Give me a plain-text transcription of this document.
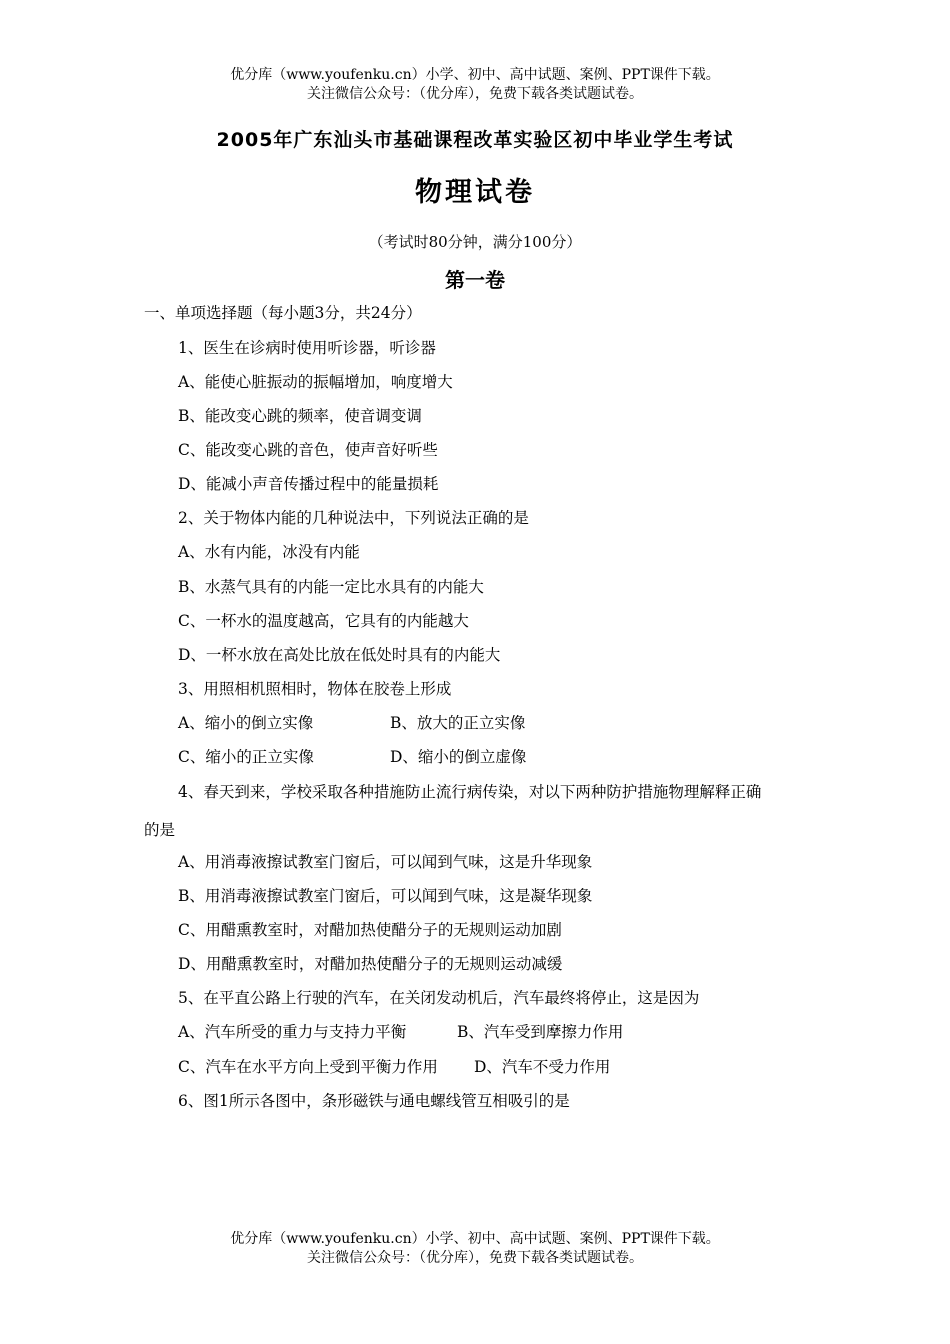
优分库（www.youfenku.cn）小学、初中、高中试题、案例、PPT课件下载。
关注微信公众号：（优分库），免费下载各类试题试卷。
2005年广东汕头市基础课程改革实验区初中毕业学生考试
物理试卷
（考试时80分钟，满分100分）
第一卷
一、单项选择题（每小题3分，共24分）
1、医生在诊病时使用听诊器，听诊器
A、能使心脏振动的振幅增加，响度增大
B、能改变心跳的频率，使音调变调
C、能改变心跳的音色，使声音好听些
D、能减小声音传播过程中的能量损耗
2、关于物体内能的几种说法中，下列说法正确的是
A、水有内能，冰没有内能
B、水蒸气具有的内能一定比水具有的内能大
C、一杯水的温度越高，它具有的内能越大
D、一杯水放在高处比放在低处时具有的内能大
3、用照相机照相时，物体在胶卷上形成
A、缩小的倒立实像	B、放大的正立实像
C、缩小的正立实像	D、缩小的倒立虚像
4、春天到来，学校采取各种措施防止流行病传染，对以下两种防护措施物理解释正确
的是
A、用消毒液擦试教室门窗后，可以闻到气味，这是升华现象
B、用消毒液擦试教室门窗后，可以闻到气味，这是凝华现象
C、用醋熏教室时，对醋加热使醋分子的无规则运动加剧
D、用醋熏教室时，对醋加热使醋分子的无规则运动减缓
5、在平直公路上行驶的汽车，在关闭发动机后，汽车最终将停止，这是因为
A、汽车所受的重力与支持力平衡	B、汽车受到摩擦力作用
C、汽车在水平方向上受到平衡力作用 D、汽车不受力作用
6、图1所示各图中，条形磁铁与通电螺线管互相吸引的是
优分库（www.youfenku.cn）小学、初中、高中试题、案例、PPT课件下载。
关注微信公众号：（优分库），免费下载各类试题试卷。
